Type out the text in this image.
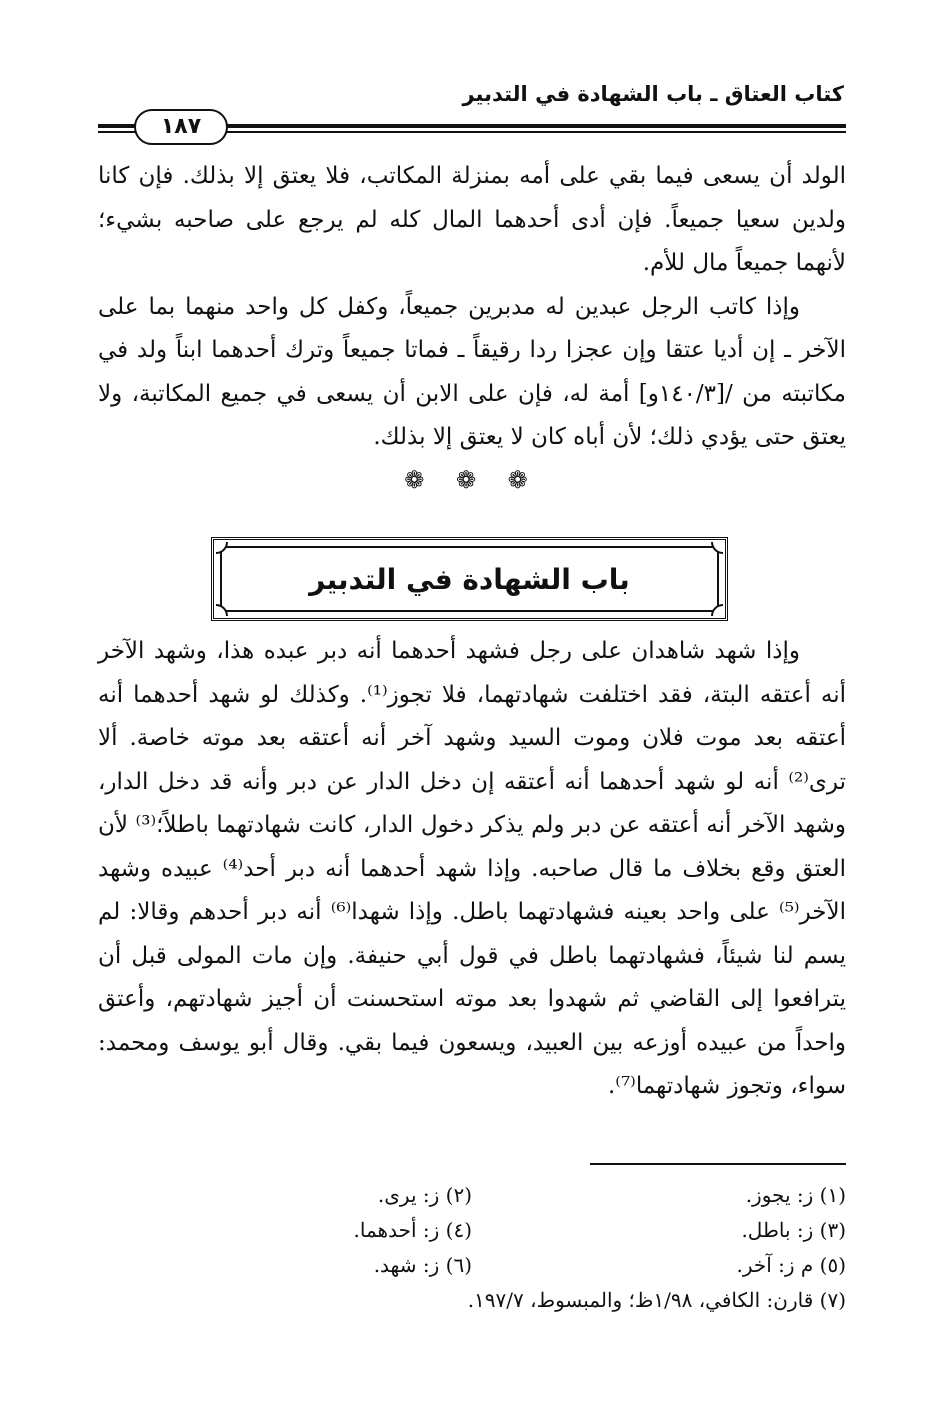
كتاب العتاق ـ باب الشهادة في التدبير
١٨٧

الولد أن يسعى فيما بقي على أمه بمنزلة المكاتب، فلا يعتق إلا بذلك. فإن كانا ولدين سعيا جميعاً. فإن أدى أحدهما المال كله لم يرجع على صاحبه بشيء؛ لأنهما جميعاً مال للأم.

وإذا كاتب الرجل عبدين له مدبرين جميعاً، وكفل كل واحد منهما بما على الآخر ـ إن أديا عتقا وإن عجزا ردا رقيقاً ـ فماتا جميعاً وترك أحدهما ابناً ولد في مكاتبته من /[١٤٠/٣و] أمة له، فإن على الابن أن يسعى في جميع المكاتبة، ولا يعتق حتى يؤدي ذلك؛ لأن أباه كان لا يعتق إلا بذلك.

❁ ❁ ❁
باب الشهادة في التدبير

وإذا شهد شاهدان على رجل فشهد أحدهما أنه دبر عبده هذا، وشهد الآخر أنه أعتقه البتة، فقد اختلفت شهادتهما، فلا تجوز⁽¹⁾. وكذلك لو شهد أحدهما أنه أعتقه بعد موت فلان وموت السيد وشهد آخر أنه أعتقه بعد موته خاصة. ألا ترى⁽²⁾ أنه لو شهد أحدهما أنه أعتقه إن دخل الدار عن دبر وأنه قد دخل الدار، وشهد الآخر أنه أعتقه عن دبر ولم يذكر دخول الدار، كانت شهادتهما باطلاً؛⁽³⁾ لأن العتق وقع بخلاف ما قال صاحبه. وإذا شهد أحدهما أنه دبر أحد⁽⁴⁾ عبيده وشهد الآخر⁽⁵⁾ على واحد بعينه فشهادتهما باطل. وإذا شهدا⁽⁶⁾ أنه دبر أحدهم وقالا: لم يسم لنا شيئاً، فشهادتهما باطل في قول أبي حنيفة. وإن مات المولى قبل أن يترافعوا إلى القاضي ثم شهدوا بعد موته استحسنت أن أجيز شهادتهم، وأعتق واحداً من عبيده أوزعه بين العبيد، ويسعون فيما بقي. وقال أبو يوسف ومحمد: سواء، وتجوز شهادتهما⁽⁷⁾.

(١) ز: يجوز.
(٢) ز: يرى.
(٣) ز: باطل.
(٤) ز: أحدهما.
(٥) م ز: آخر.
(٦) ز: شهد.
(٧) قارن: الكافي، ١/٩٨ظ؛ والمبسوط، ١٩٧/٧.
